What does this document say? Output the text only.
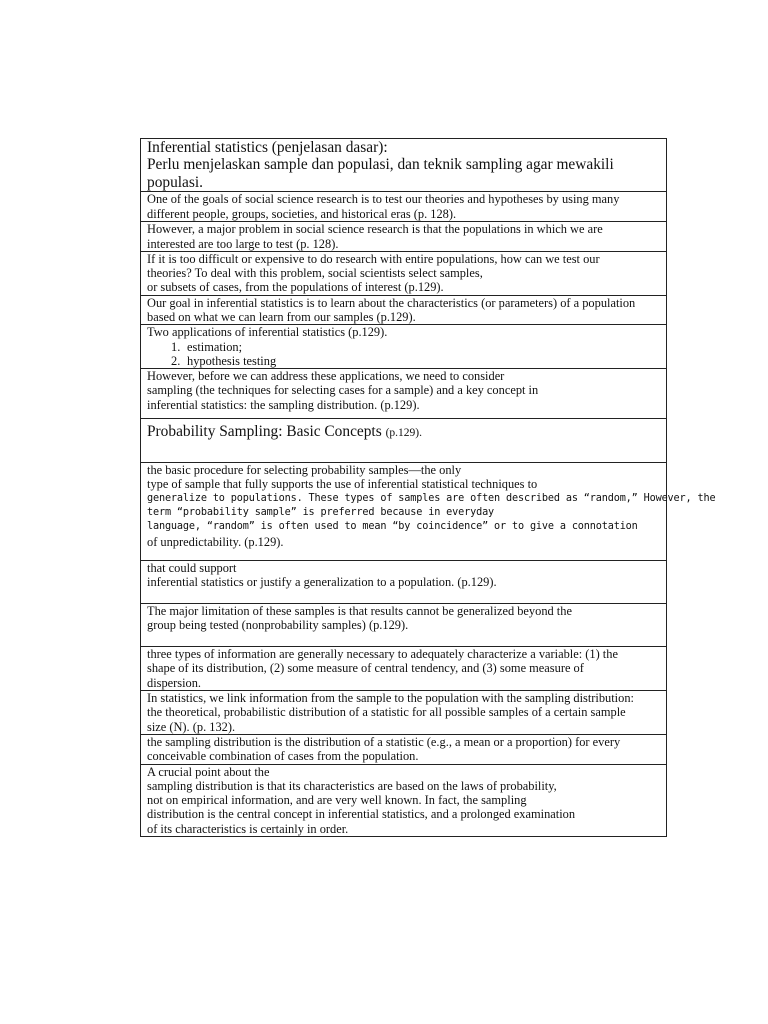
Inferential statistics (penjelasan dasar):
Perlu menjelaskan sample dan populasi, dan teknik sampling agar mewakili
populasi.

One of the goals of social science research is to test our theories and hypotheses by using many
different people, groups, societies, and historical eras (p. 128).

However, a major problem in social science research is that the populations in which we are
interested are too large to test (p. 128).

If it is too difficult or expensive to do research with entire populations, how can we test our
theories? To deal with this problem, social scientists select samples,
or subsets of cases, from the populations of interest (p.129).

Our goal in inferential statistics is to learn about the characteristics (or parameters) of a population
based on what we can learn from our samples (p.129).

Two applications of inferential statistics (p.129).
1. estimation;
2. hypothesis testing

However, before we can address these applications, we need to consider
sampling (the techniques for selecting cases for a sample) and a key concept in
inferential statistics: the sampling distribution. (p.129).

Probability Sampling: Basic Concepts (p.129).

the basic procedure for selecting probability samples—the only
type of sample that fully supports the use of inferential statistical techniques to
generalize to populations. These types of samples are often described as “random,” However, the
term “probability sample” is preferred because in everyday
language, “random” is often used to mean “by coincidence” or to give a connotation
of unpredictability. (p.129).

that could support
inferential statistics or justify a generalization to a population. (p.129).

The major limitation of these samples is that results cannot be generalized beyond the
group being tested (nonprobability samples) (p.129).

three types of information are generally necessary to adequately characterize a variable: (1) the
shape of its distribution, (2) some measure of central tendency, and (3) some measure of
dispersion.

In statistics, we link information from the sample to the population with the sampling distribution:
the theoretical, probabilistic distribution of a statistic for all possible samples of a certain sample
size (N). (p. 132).

the sampling distribution is the distribution of a statistic (e.g., a mean or a proportion) for every
conceivable combination of cases from the population.

A crucial point about the
sampling distribution is that its characteristics are based on the laws of probability,
not on empirical information, and are very well known. In fact, the sampling
distribution is the central concept in inferential statistics, and a prolonged examination
of its characteristics is certainly in order.
